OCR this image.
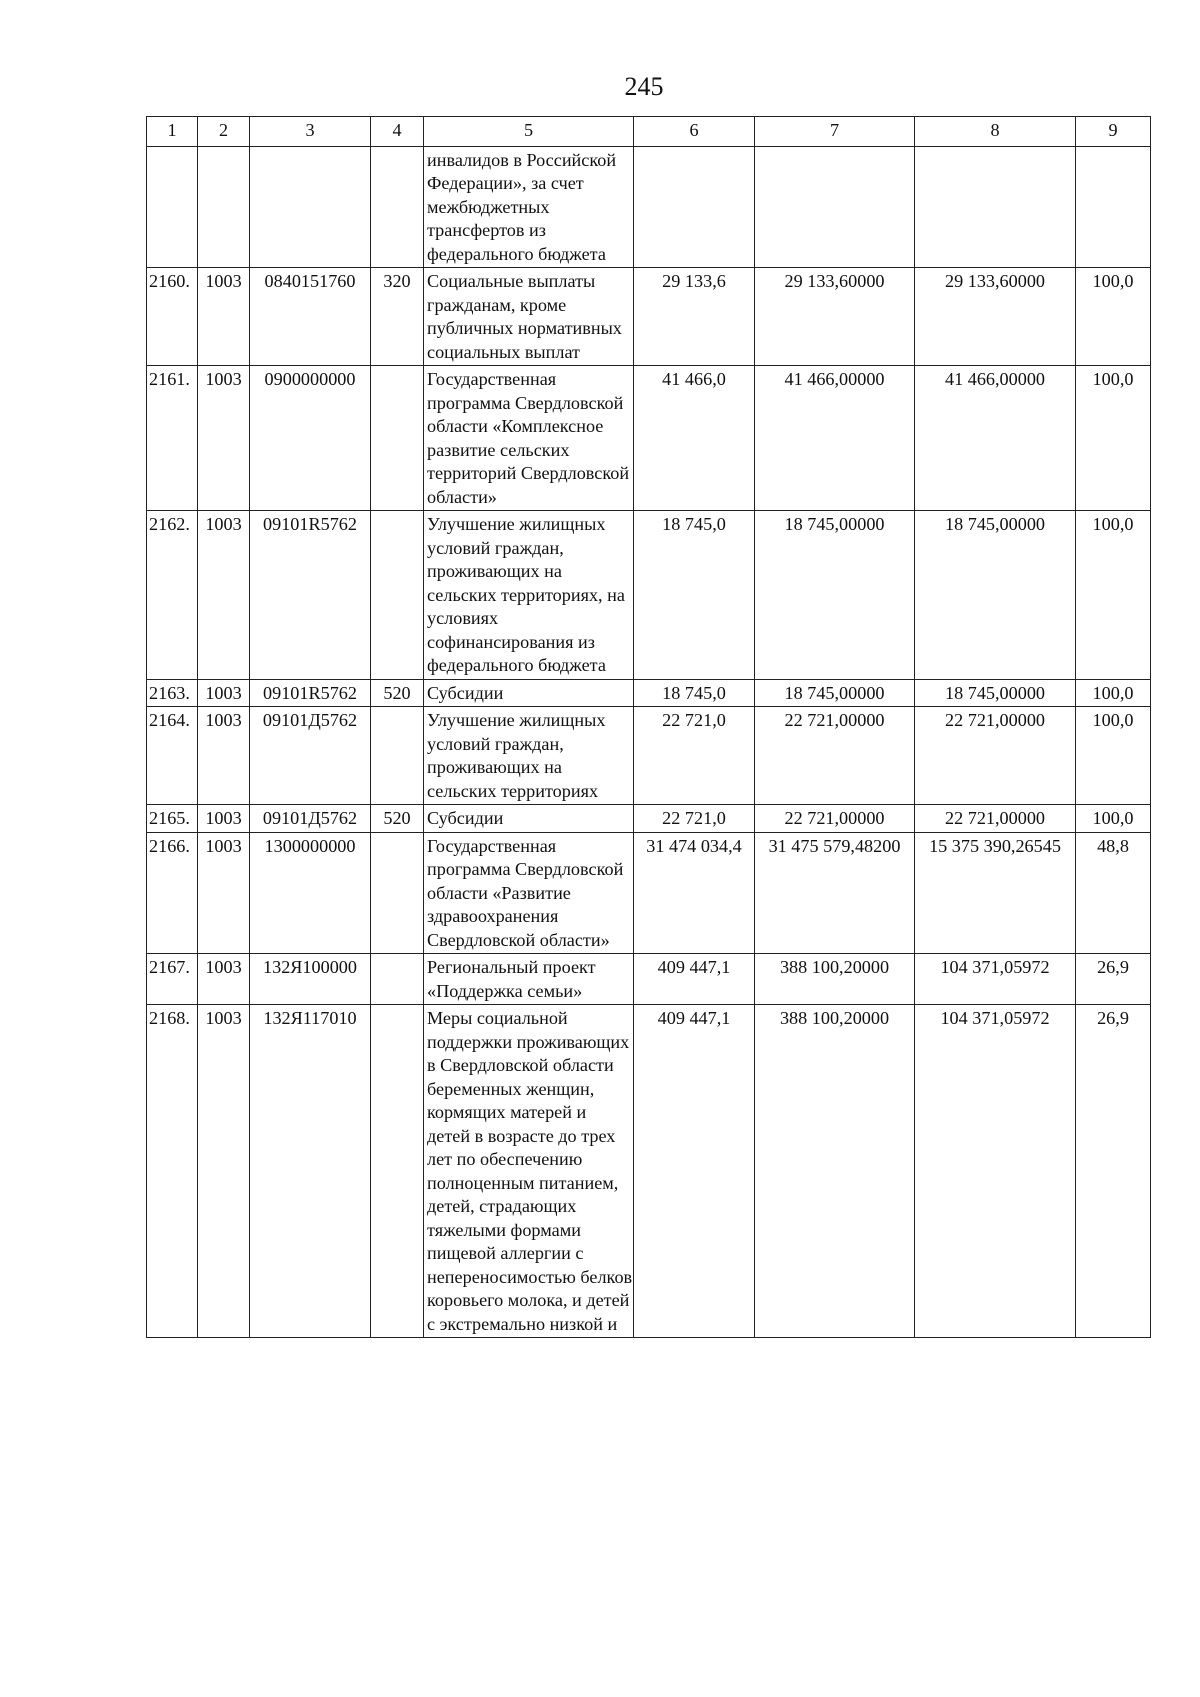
245
1	2	3	4	5	6	7	8	9
				инвалидов в Российской Федерации», за счет межбюджетных трансфертов из федерального бюджета				
2160.	1003	0840151760	320	Социальные выплаты гражданам, кроме публичных нормативных социальных выплат	29 133,6	29 133,60000	29 133,60000	100,0
2161.	1003	0900000000		Государственная программа Свердловской области «Комплексное развитие сельских территорий Свердловской области»	41 466,0	41 466,00000	41 466,00000	100,0
2162.	1003	09101R5762		Улучшение жилищных условий граждан, проживающих на сельских территориях, на условиях софинансирования из федерального бюджета	18 745,0	18 745,00000	18 745,00000	100,0
2163.	1003	09101R5762	520	Субсидии	18 745,0	18 745,00000	18 745,00000	100,0
2164.	1003	09101Д5762		Улучшение жилищных условий граждан, проживающих на сельских территориях	22 721,0	22 721,00000	22 721,00000	100,0
2165.	1003	09101Д5762	520	Субсидии	22 721,0	22 721,00000	22 721,00000	100,0
2166.	1003	1300000000		Государственная программа Свердловской области «Развитие здравоохранения Свердловской области»	31 474 034,4	31 475 579,48200	15 375 390,26545	48,8
2167.	1003	132Я100000		Региональный проект «Поддержка семьи»	409 447,1	388 100,20000	104 371,05972	26,9
2168.	1003	132Я117010		Меры социальной поддержки проживающих в Свердловской области беременных женщин, кормящих матерей и детей в возрасте до трех лет по обеспечению полноценным питанием, детей, страдающих тяжелыми формами пищевой аллергии с непереносимостью белков коровьего молока, и детей с экстремально низкой и	409 447,1	388 100,20000	104 371,05972	26,9
